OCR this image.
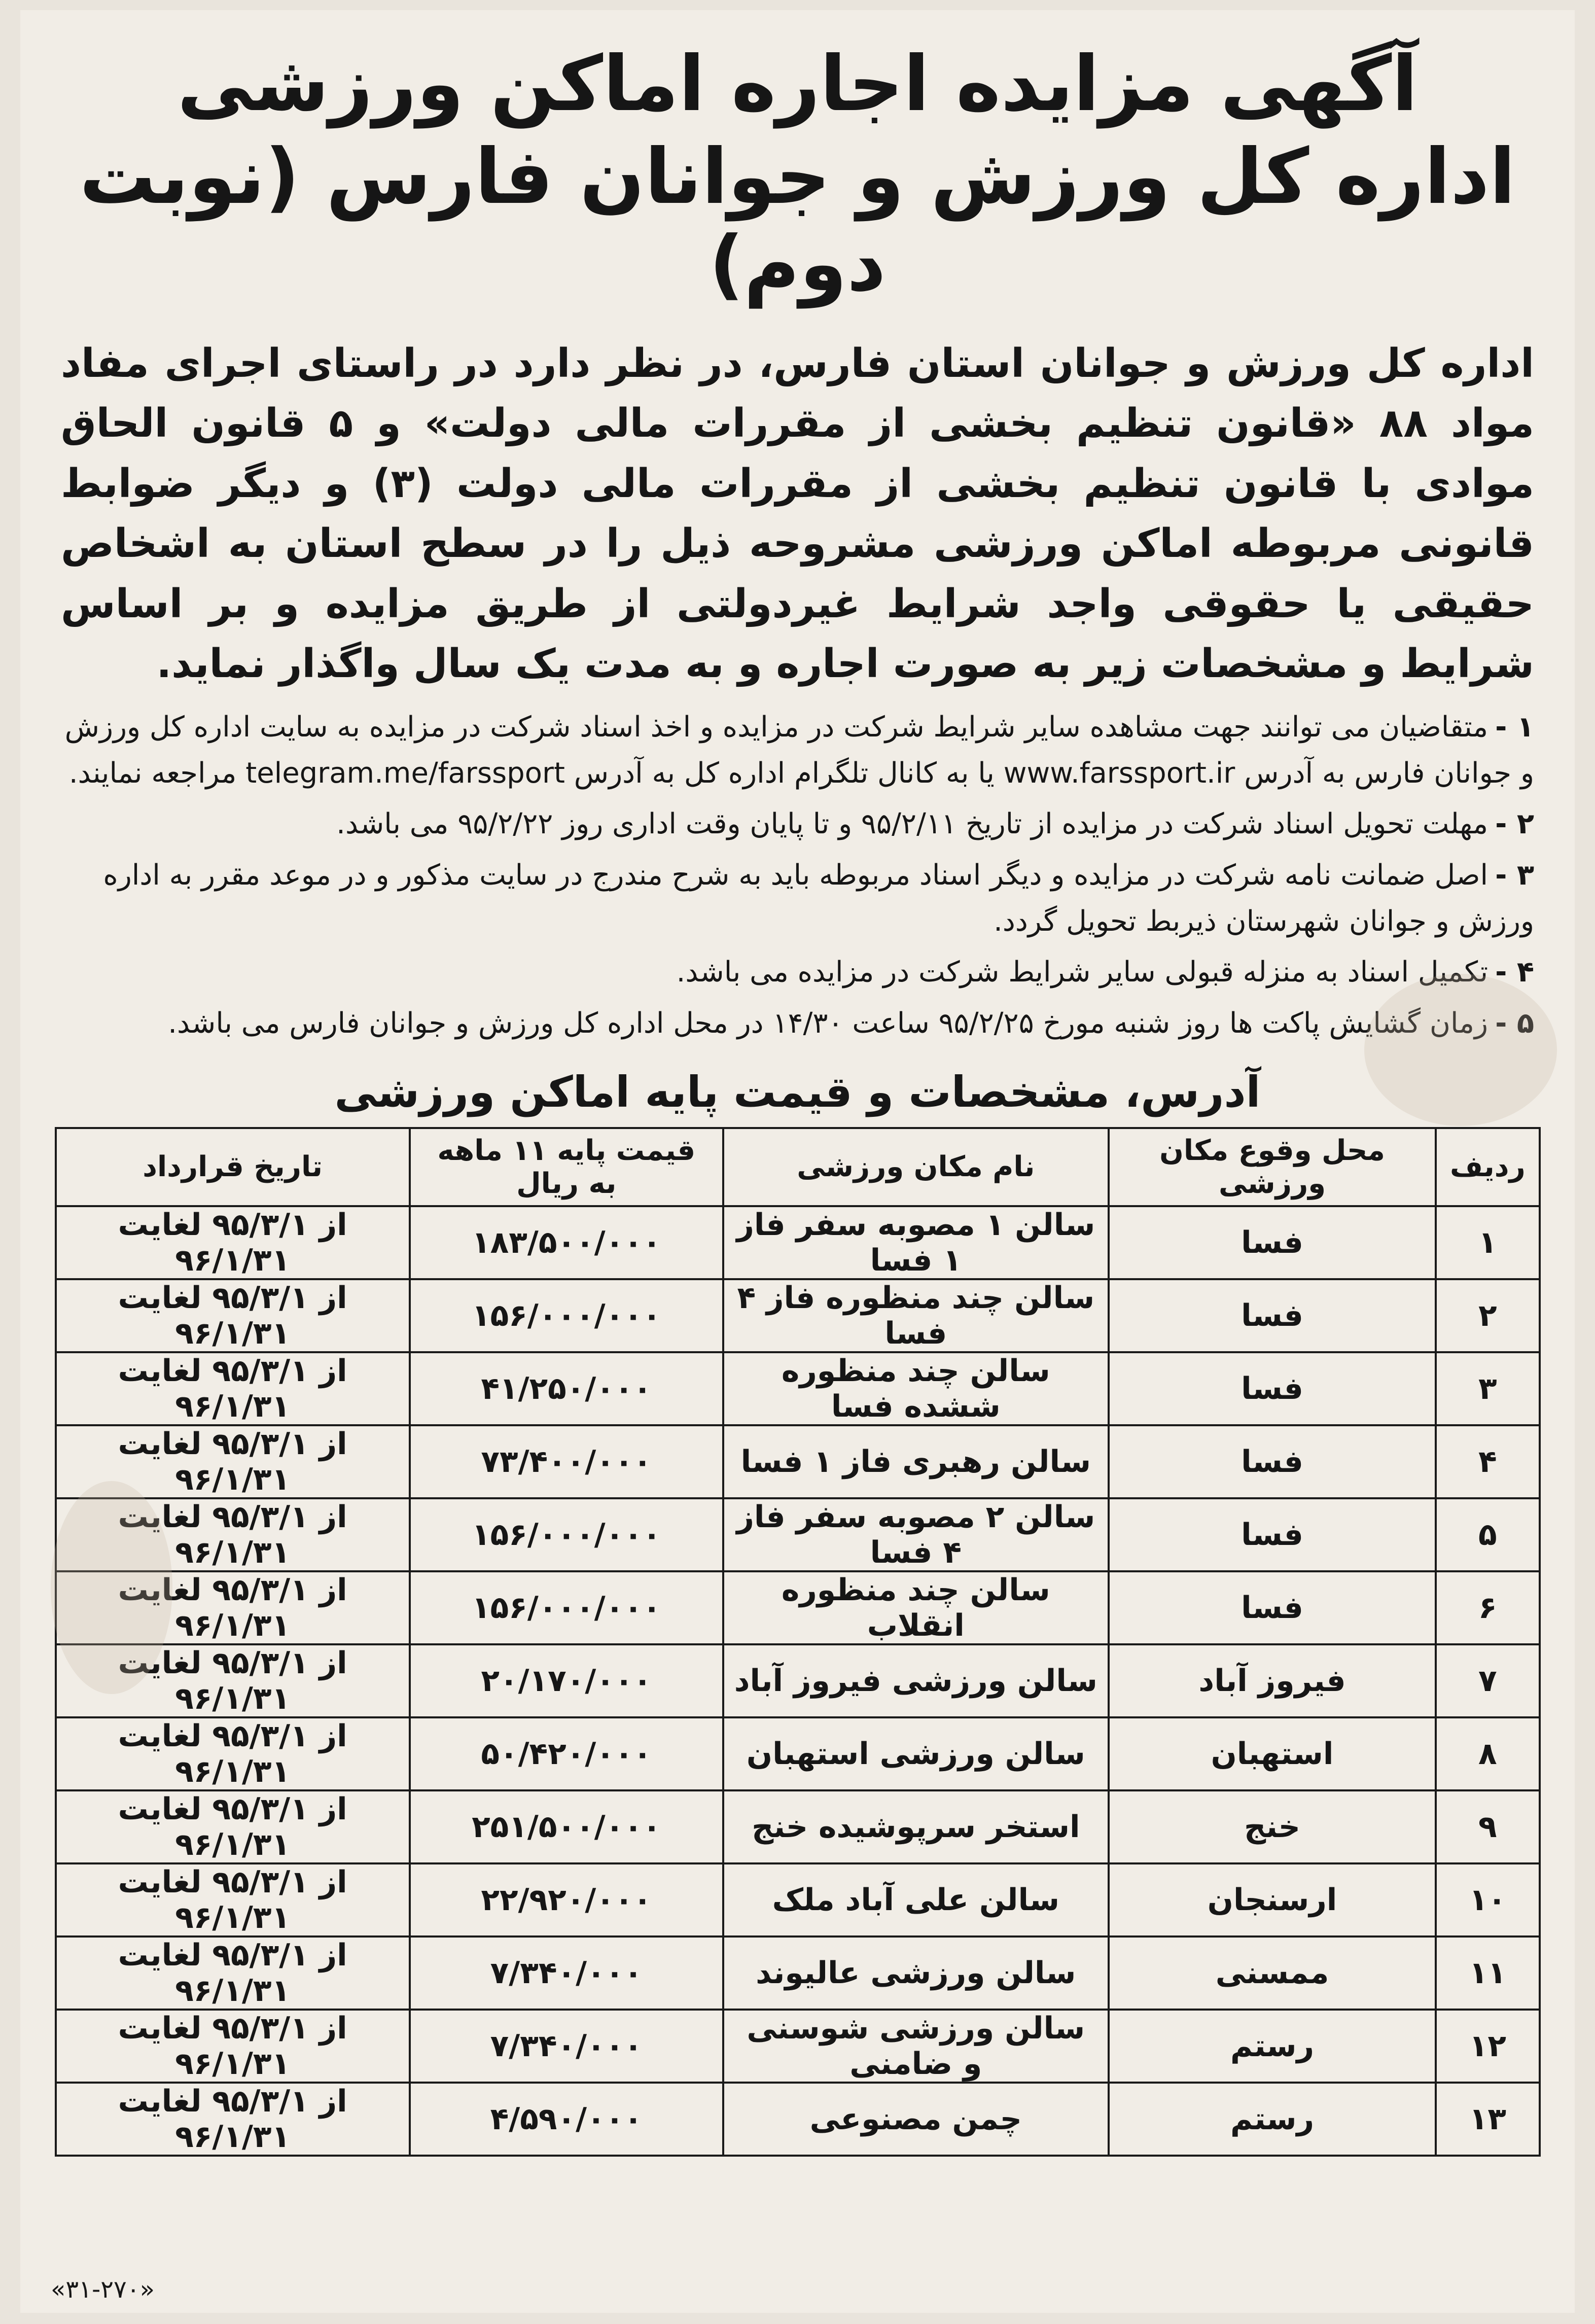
آگهی مزایده اجاره اماکن ورزشی
اداره کل ورزش و جوانان فارس (نوبت دوم)

اداره کل ورزش و جوانان استان فارس، در نظر دارد در راستای اجرای مفاد مواد ۸۸ «قانون تنظیم بخشی از مقررات مالی دولت» و ۵ قانون الحاق موادی با قانون تنظیم بخشی از مقررات مالی دولت (۳) و دیگر ضوابط قانونی مربوطه اماکن ورزشی مشروحه ذیل را در سطح استان به اشخاص حقیقی یا حقوقی واجد شرایط غیردولتی از طریق مزایده و بر اساس شرایط و مشخصات زیر به صورت اجاره و به مدت یک سال واگذار نماید.

۱ -متقاضیان می توانند جهت مشاهده سایر شرایط شرکت در مزایده و اخذ اسناد شرکت در مزایده به سایت اداره کل ورزش و جوانان فارس به آدرس www.farssport.ir یا به کانال تلگرام اداره کل به آدرس telegram.me/farssport مراجعه نمایند.
۲ -مهلت تحویل اسناد شرکت در مزایده از تاریخ ۹۵/۲/۱۱ و تا پایان وقت اداری روز ۹۵/۲/۲۲ می باشد.
۳ -اصل ضمانت نامه شرکت در مزایده و دیگر اسناد مربوطه باید به شرح مندرج در سایت مذکور و در موعد مقرر به اداره ورزش و جوانان شهرستان ذیربط تحویل گردد.
۴ -تکمیل اسناد به منزله قبولی سایر شرایط شرکت در مزایده می باشد.
۵ -زمان گشایش پاکت ها روز شنبه مورخ ۹۵/۲/۲۵ ساعت ۱۴/۳۰ در محل اداره کل ورزش و جوانان فارس می باشد.
آدرس، مشخصات و قیمت پایه اماکن ورزشی
ردیف	محل وقوع مکان ورزشی	نام مکان ورزشی	قیمت پایه ۱۱ ماهه به ریال	تاریخ قرارداد
۱	فسا	سالن ۱ مصوبه سفر فاز ۱ فسا	۱۸۳/۵۰۰/۰۰۰	از ۹۵/۳/۱ لغایت ۹۶/۱/۳۱
۲	فسا	سالن چند منظوره فاز ۴ فسا	۱۵۶/۰۰۰/۰۰۰	از ۹۵/۳/۱ لغایت ۹۶/۱/۳۱
۳	فسا	سالن چند منظوره ششده فسا	۴۱/۲۵۰/۰۰۰	از ۹۵/۳/۱ لغایت ۹۶/۱/۳۱
۴	فسا	سالن رهبری فاز ۱ فسا	۷۳/۴۰۰/۰۰۰	از ۹۵/۳/۱ لغایت ۹۶/۱/۳۱
۵	فسا	سالن ۲ مصوبه سفر فاز ۴ فسا	۱۵۶/۰۰۰/۰۰۰	از ۹۵/۳/۱ لغایت ۹۶/۱/۳۱
۶	فسا	سالن چند منظوره انقلاب	۱۵۶/۰۰۰/۰۰۰	از ۹۵/۳/۱ لغایت ۹۶/۱/۳۱
۷	فیروز آباد	سالن ورزشی فیروز آباد	۲۰/۱۷۰/۰۰۰	از ۹۵/۳/۱ لغایت ۹۶/۱/۳۱
۸	استهبان	سالن ورزشی استهبان	۵۰/۴۲۰/۰۰۰	از ۹۵/۳/۱ لغایت ۹۶/۱/۳۱
۹	خنج	استخر سرپوشیده خنج	۲۵۱/۵۰۰/۰۰۰	از ۹۵/۳/۱ لغایت ۹۶/۱/۳۱
۱۰	ارسنجان	سالن علی آباد ملک	۲۲/۹۲۰/۰۰۰	از ۹۵/۳/۱ لغایت ۹۶/۱/۳۱
۱۱	ممسنی	سالن ورزشی عالیوند	۷/۳۴۰/۰۰۰	از ۹۵/۳/۱ لغایت ۹۶/۱/۳۱
۱۲	رستم	سالن ورزشی شوسنی و ضامنی	۷/۳۴۰/۰۰۰	از ۹۵/۳/۱ لغایت ۹۶/۱/۳۱
۱۳	رستم	چمن مصنوعی	۴/۵۹۰/۰۰۰	از ۹۵/۳/۱ لغایت ۹۶/۱/۳۱
«۳۱-۲۷۰»
